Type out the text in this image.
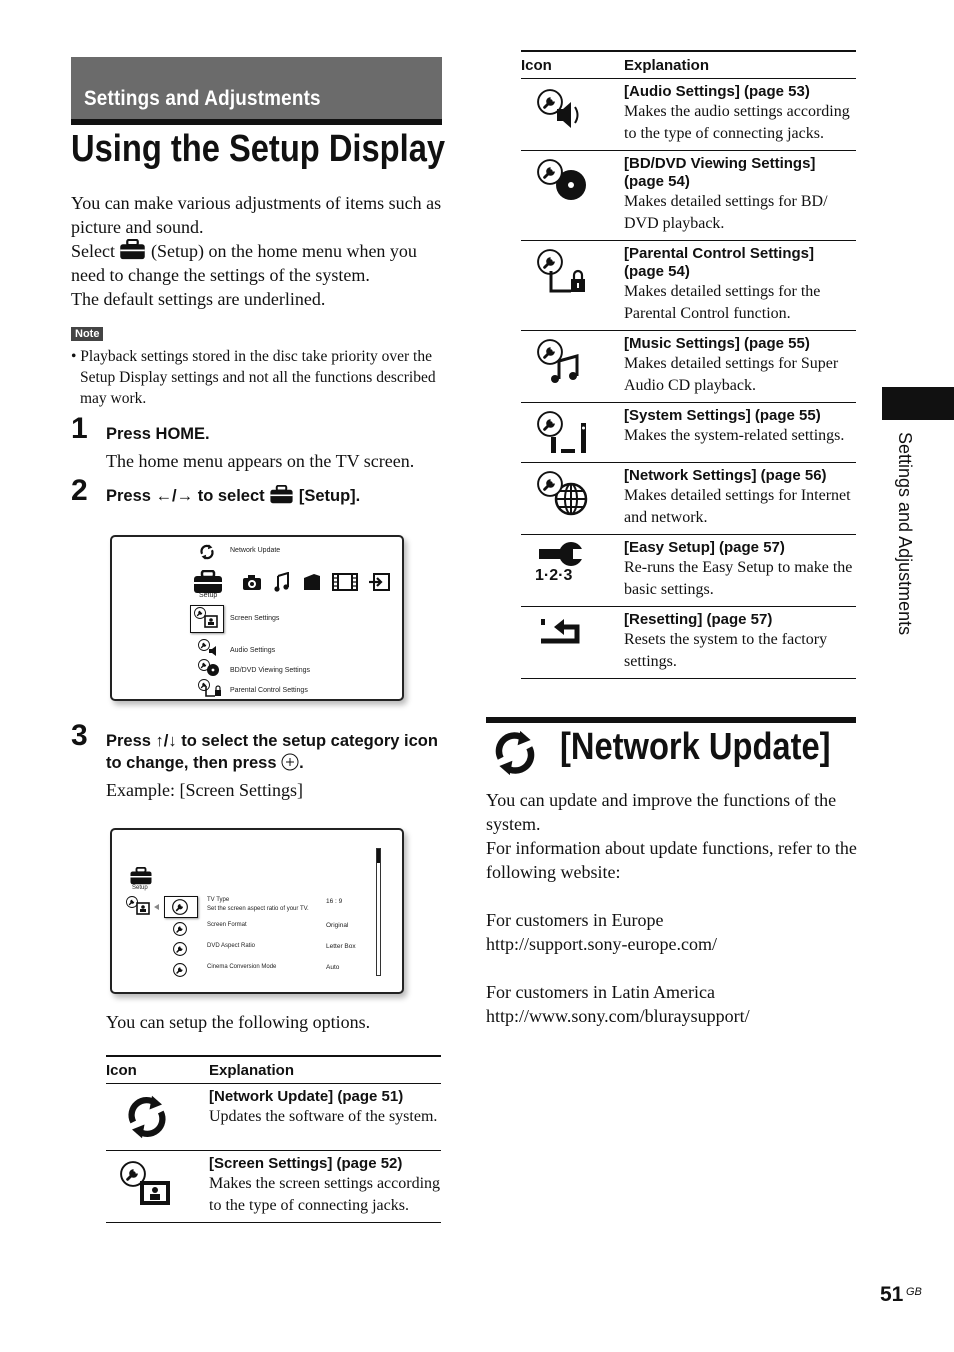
Settings and Adjustments
Using the Setup Display
You can make various adjustments of items such as picture and sound.
Select (Setup) on the home menu when you need to change the settings of the system.
The default settings are underlined.
Note
• Playback settings stored in the disc take priority over the Setup Display settings and not all the functions described may work.
1 Press HOME.
The home menu appears on the TV screen.
2 Press ←/→ to select [Setup].
Network Update
Setup
Screen Settings
Audio Settings
BD/DVD Viewing Settings
Parental Control Settings
3 Press ↑/↓ to select the setup category icon to change, then press .
Example: [Screen Settings]
Setup
TV Type
Set the screen aspect ratio of your TV.
16 : 9
Screen Format	Original
DVD Aspect Ratio	Letter Box
Cinema Conversion Mode	Auto
You can setup the following options.
Icon	Explanation

[Network Update] (page 51)
Updates the software of the system.

[Screen Settings] (page 52)
Makes the screen settings according to the type of connecting jacks.
Icon	Explanation

[Audio Settings] (page 53)
Makes the audio settings according to the type of connecting jacks.

[BD/DVD Viewing Settings] (page 54)
Makes detailed settings for BD/ DVD playback.

[Parental Control Settings] (page 54)
Makes detailed settings for the Parental Control function.

[Music Settings] (page 55)
Makes detailed settings for Super Audio CD playback.

[System Settings] (page 55)
Makes the system-related settings.

[Network Settings] (page 56)
Makes detailed settings for Internet and network.

1·2·3	[Easy Setup] (page 57)
Re-runs the Easy Setup to make the basic settings.

[Resetting] (page 57)
Resets the system to the factory settings.
[Network Update]
You can update and improve the functions of the system.
For information about update functions, refer to the following website:
For customers in Europe
http://support.sony-europe.com/
For customers in Latin America
http://www.sony.com/bluraysupport/
Settings and Adjustments
51 GB
